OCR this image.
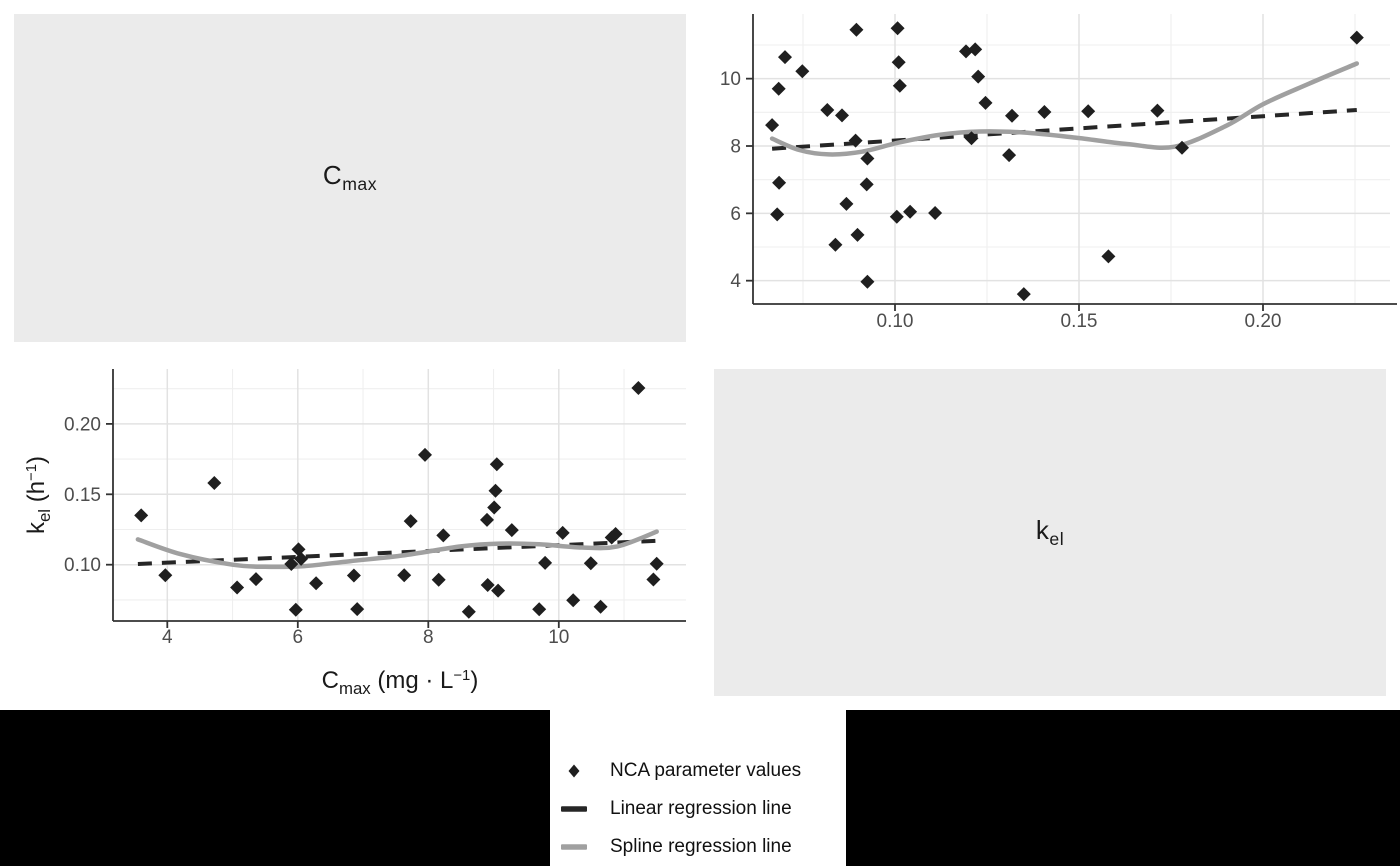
$C_{max}$
0.10	0.15	0.20
4
6
8
10
4	6	8	10
0.10
0.15
0.20
$C_{max}$ $(mg \cdot L^{-1})$
$k_{el}$ $(h^{-1})$
$k_{el}$
NCA parameter values
Linear regression line
Spline regression line
